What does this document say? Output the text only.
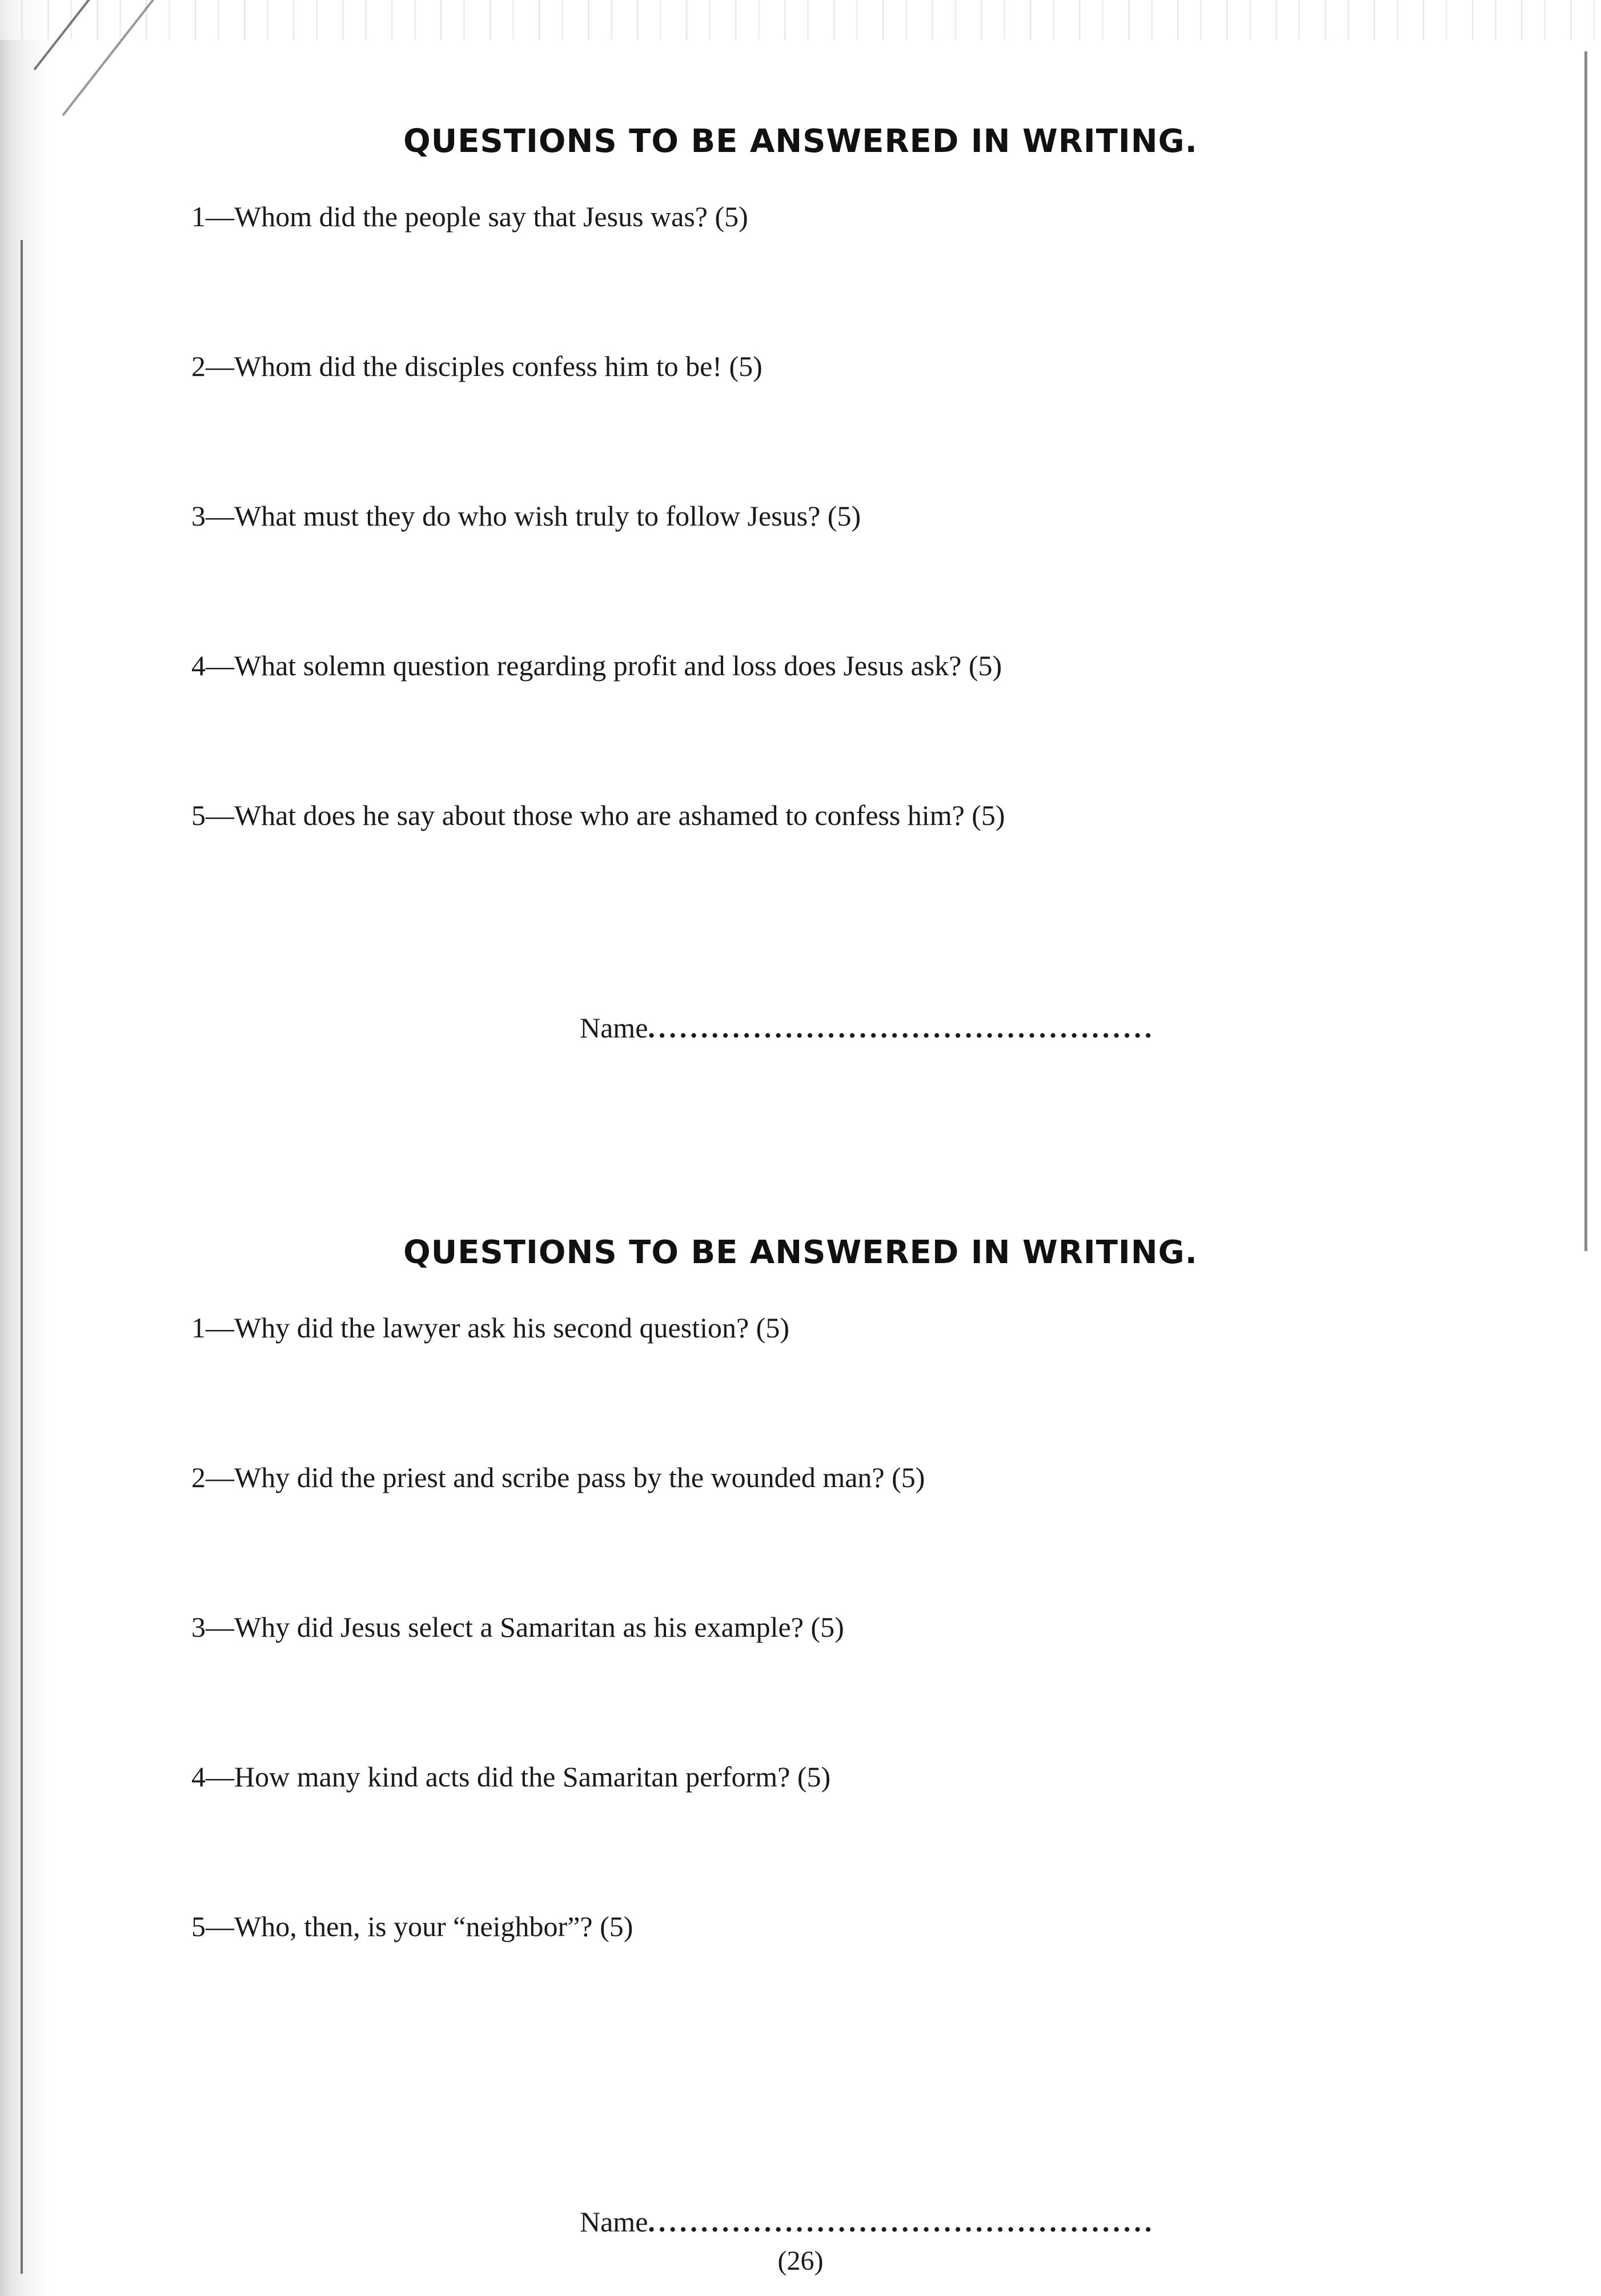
QUESTIONS TO BE ANSWERED IN WRITING.
1—Whom did the people say that Jesus was? (5)
2—Whom did the disciples confess him to be! (5)
3—What must they do who wish truly to follow Jesus? (5)
4—What solemn question regarding profit and loss does Jesus ask? (5)
5—What does he say about those who are ashamed to confess him? (5)
Name................................................
QUESTIONS TO BE ANSWERED IN WRITING.
1—Why did the lawyer ask his second question? (5)
2—Why did the priest and scribe pass by the wounded man? (5)
3—Why did Jesus select a Samaritan as his example? (5)
4—How many kind acts did the Samaritan perform? (5)
5—Who, then, is your “neighbor”? (5)
Name................................................
(26)
